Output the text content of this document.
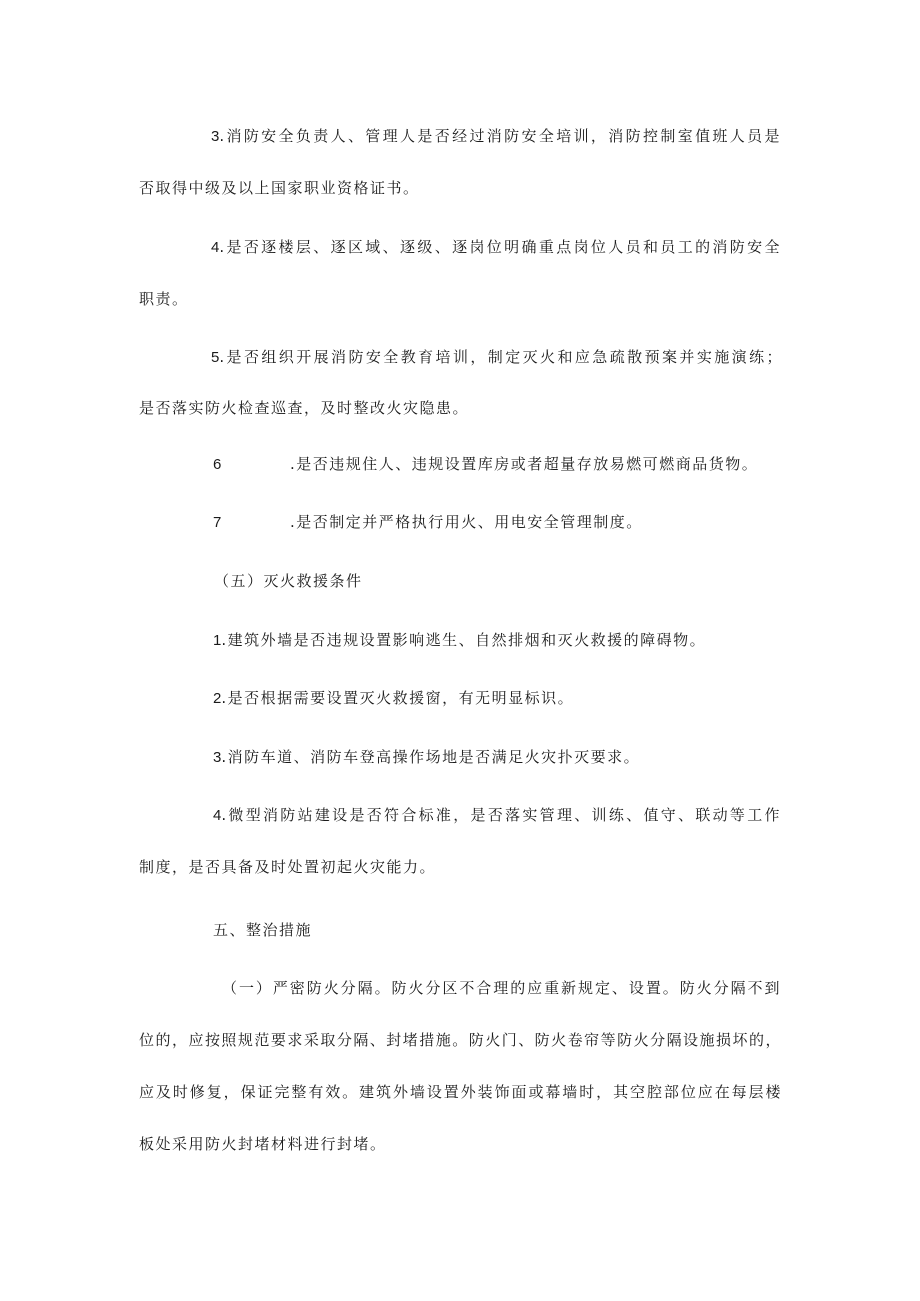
3.消防安全负责人、管理人是否经过消防安全培训，消防控制室值班人员是
否取得中级及以上国家职业资格证书。
4.是否逐楼层、逐区域、逐级、逐岗位明确重点岗位人员和员工的消防安全
职责。
5.是否组织开展消防安全教育培训，制定灭火和应急疏散预案并实施演练；
是否落实防火检查巡查，及时整改火灾隐患。
6	.是否违规住人、违规设置库房或者超量存放易燃可燃商品货物。
7	.是否制定并严格执行用火、用电安全管理制度。
（五）灭火救援条件
1.建筑外墙是否违规设置影响逃生、自然排烟和灭火救援的障碍物。
2.是否根据需要设置灭火救援窗，有无明显标识。
3.消防车道、消防车登高操作场地是否满足火灾扑灭要求。
4.微型消防站建设是否符合标准，是否落实管理、训练、值守、联动等工作
制度，是否具备及时处置初起火灾能力。
五、整治措施
（一）严密防火分隔。防火分区不合理的应重新规定、设置。防火分隔不到
位的，应按照规范要求采取分隔、封堵措施。防火门、防火卷帘等防火分隔设施损坏的，
应及时修复，保证完整有效。建筑外墙设置外装饰面或幕墙时，其空腔部位应在每层楼
板处采用防火封堵材料进行封堵。
